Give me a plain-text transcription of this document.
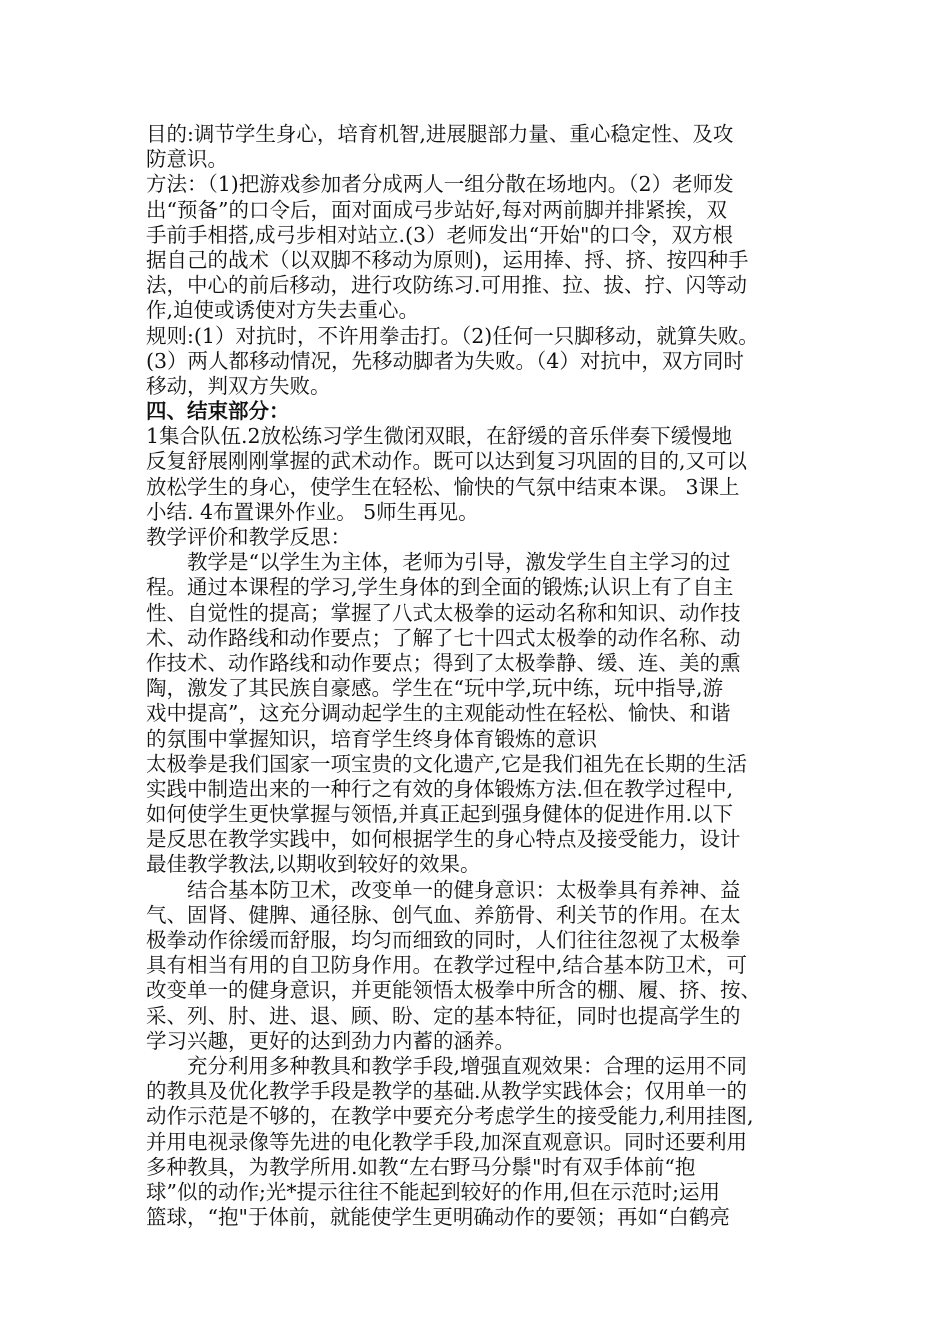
目的:调节学生身心，培育机智,进展腿部力量、重心稳定性、及攻
防意识。
方法：（1)把游戏参加者分成两人一组分散在场地内。（2）老师发
出“预备”的口令后，面对面成弓步站好,每对两前脚并排紧挨，双
手前手相搭,成弓步相对站立.(3）老师发出“开始"的口令，双方根
据自己的战术（以双脚不移动为原则)，运用捧、捋、挤、按四种手
法，中心的前后移动，进行攻防练习.可用推、拉、拔、拧、闪等动
作,迫使或诱使对方失去重心。
规则:(1）对抗时，不许用拳击打。（2)任何一只脚移动，就算失败。
(3）两人都移动情况，先移动脚者为失败。（4）对抗中，双方同时
移动，判双方失败。
四、结束部分：
1集合队伍.2放松练习学生微闭双眼，在舒缓的音乐伴奏下缓慢地
反复舒展刚刚掌握的武术动作。既可以达到复习巩固的目的,又可以
放松学生的身心，使学生在轻松、愉快的气氛中结束本课。 3课上
小结. 4布置课外作业。 5师生再见。
教学评价和教学反思：
教学是“以学生为主体，老师为引导，激发学生自主学习的过
程。通过本课程的学习,学生身体的到全面的锻炼;认识上有了自主
性、自觉性的提高；掌握了八式太极拳的运动名称和知识、动作技
术、动作路线和动作要点；了解了七十四式太极拳的动作名称、动
作技术、动作路线和动作要点；得到了太极拳静、缓、连、美的熏
陶，激发了其民族自豪感。学生在“玩中学,玩中练，玩中指导,游
戏中提高”，这充分调动起学生的主观能动性在轻松、愉快、和谐
的氛围中掌握知识，培育学生终身体育锻炼的意识
太极拳是我们国家一项宝贵的文化遗产,它是我们祖先在长期的生活
实践中制造出来的一种行之有效的身体锻炼方法.但在教学过程中,
如何使学生更快掌握与领悟,并真正起到强身健体的促进作用.以下
是反思在教学实践中，如何根据学生的身心特点及接受能力，设计
最佳教学教法,以期收到较好的效果。
结合基本防卫术，改变单一的健身意识：太极拳具有养神、益
气、固肾、健脾、通径脉、创气血、养筋骨、利关节的作用。在太
极拳动作徐缓而舒服，均匀而细致的同时，人们往往忽视了太极拳
具有相当有用的自卫防身作用。在教学过程中,结合基本防卫术，可
改变单一的健身意识，并更能领悟太极拳中所含的棚、履、挤、按、
采、列、肘、进、退、顾、盼、定的基本特征，同时也提高学生的
学习兴趣，更好的达到劲力内蓄的涵养。
充分利用多种教具和教学手段,增强直观效果：合理的运用不同
的教具及优化教学手段是教学的基础.从教学实践体会；仅用单一的
动作示范是不够的，在教学中要充分考虑学生的接受能力,利用挂图,
并用电视录像等先进的电化教学手段,加深直观意识。同时还要利用
多种教具，为教学所用.如教“左右野马分鬃"时有双手体前“抱
球”似的动作;光*提示往往不能起到较好的作用,但在示范时;运用
篮球，“抱"于体前，就能使学生更明确动作的要领；再如“白鹤亮
